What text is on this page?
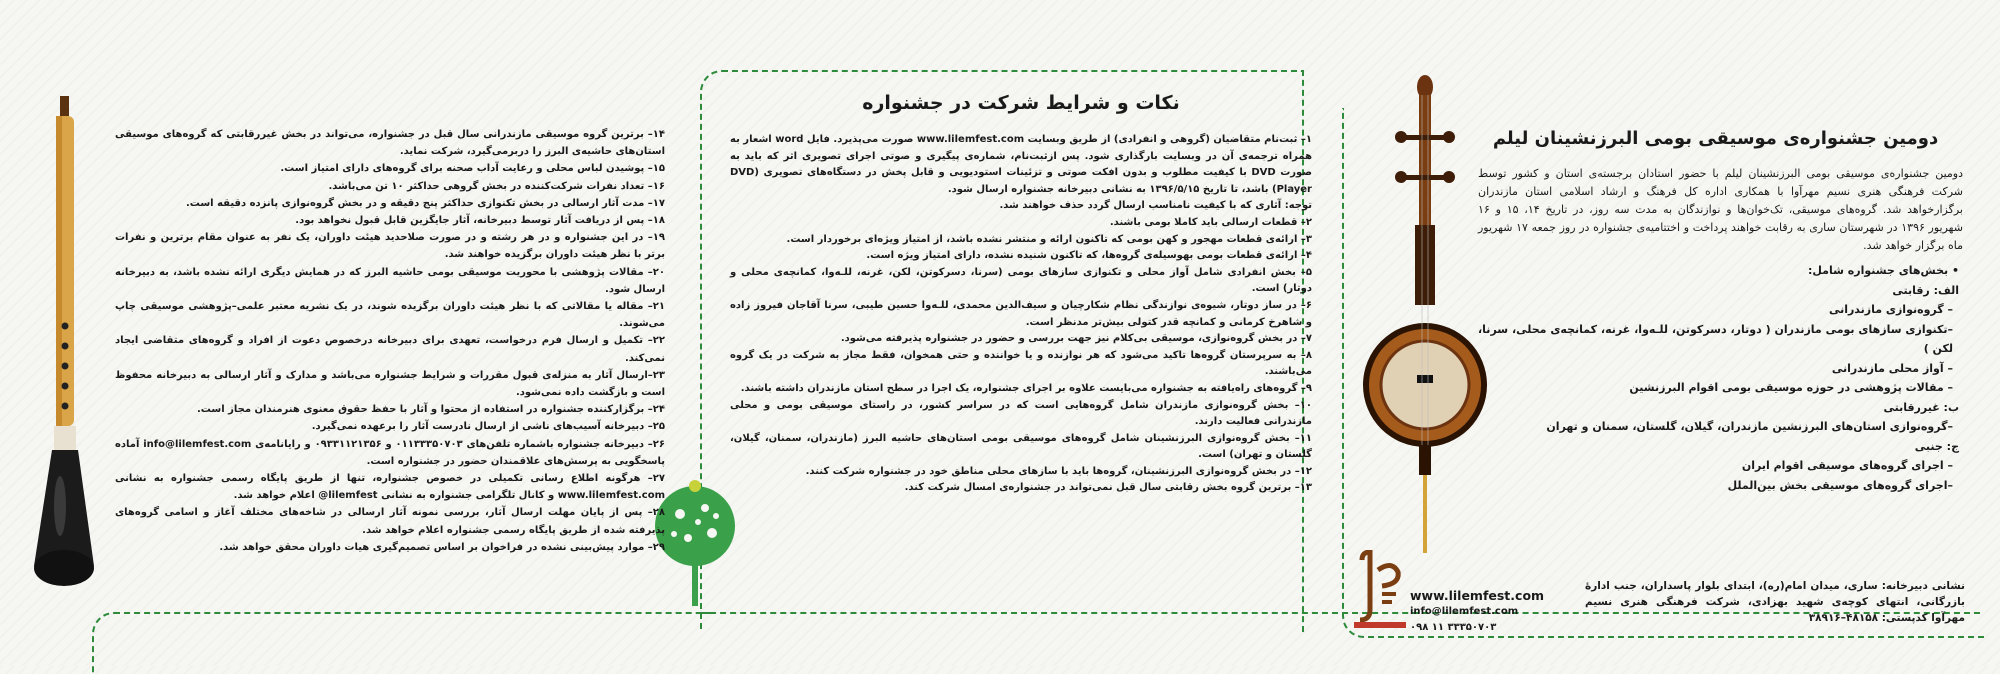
دومین جشنواره‌ی موسیقی بومی البرزنشینان لیلم

دومین جشنواره‌ی موسیقی بومی البرزنشینان لیلم با حضور استادان برجسته‌ی استان و کشور توسط شرکت فرهنگی هنری نسیم مهرآوا با همکاری اداره کل فرهنگ و ارشاد اسلامی استان مازندران برگزارخواهد شد. گروه‌های موسیقی، تک‌خوان‌ها و نوازندگان به مدت سه روز، در تاریخ ۱۴، ۱۵ و ۱۶ شهریور ۱۳۹۶ در شهرستان ساری به رقابت خواهند پرداخت و اختتامیه‌ی جشنواره در روز جمعه ۱۷ شهریور ماه برگزار خواهد شد.

• بخش‌های جشنواره شامل:

الف: رقابتی

– گروه‌نوازی مازندرانی

–تکنوازی سازهای بومی مازندران ( دوتار، دسرکوتن، للـه‌وا، غرنه، کمانچه‌ی محلی، سرنا، لکن )

– آواز محلی مازندرانی

– مقالات پژوهشی در حوزه موسیقی بومی اقوام البرزنشین

ب: غیررقابتی

–گروه‌نوازی استان‌های البرزنشین مازندران، گیلان، گلستان، سمنان و تهران

ج: جنبی

– اجرای گروه‌های موسیقی اقوام ایران

–اجرای گروه‌های موسیقی بخش بین‌الملل

نکات و شرایط شرکت در جشنواره

۱– ثبت‌نام متقاضیان (گروهی و انفرادی) از طریق وبسایت www.lilemfest.com صورت می‌پذیرد. فایل word اشعار به همراه ترجمه‌ی آن در وبسایت بارگذاری شود. پس ازثبت‌نام، شماره‌ی پیگیری و صوتی اجرای تصویری اثر که باید به صورت DVD با کیفیت مطلوب و بدون افکت صوتی و تزئینات استودیویی و قابل پخش در دستگاه‌های تصویری (DVD Player) باشد، تا تاریخ ۱۳۹۶/۵/۱۵ به نشانی دبیرخانه جشنواره ارسال شود.

توجه: آثاری که با کیفیت نامناسب ارسال گردد حذف خواهند شد.

۲– قطعات ارسالی باید کاملا بومی باشند.

۳– ارائه‌ی قطعات مهجور و کهن بومی که تاکنون ارائه و منتشر نشده باشد، از امتیاز ویژه‌ای برخوردار است.

۴– ارائه‌ی قطعات بومی بهوسیله‌ی گروه‌ها، که تاکنون شنیده نشده، دارای امتیاز ویژه است.

۵– بخش انفرادی شامل آواز محلی و تکنوازی سازهای بومی (سرنا، دسرکوتن، لکن، غرنه، للـه‌وا، کمانچه‌ی محلی و دوتار) است.

۶– در ساز دوتار، شیوه‌ی نوازندگی نظام شکارچیان و سیف‌الدین محمدی، للـه‌وا حسین طیبی، سرنا آقاجان فیروز زاده و شاهرخ کرمانی و کمانچه قدر کتولی بیش‌تر مدنظر است.

۷– در بخش گروه‌نوازی، موسیقی بی‌کلام نیز جهت بررسی و حضور در جشنواره پذیرفته می‌شود.

۸– به سرپرستان گروه‌ها تاکید می‌شود که هر نوازنده و یا خواننده و حتی همخوان، فقط مجاز به شرکت در یک گروه می‌باشند.

۹– گروه‌های راه‌یافته به جشنواره می‌بایست علاوه بر اجرای جشنواره، یک اجرا در سطح استان مازندران داشته باشند.

۱۰– بخش گروه‌نوازی مازندران شامل گروه‌هایی است که در سراسر کشور، در راستای موسیقی بومی و محلی مازندرانی فعالیت دارند.

۱۱– بخش گروه‌نوازی البرزنشینان شامل گروه‌های موسیقی بومی استان‌های حاشیه البرز (مازندران، سمنان، گیلان، گلستان و تهران) است.

۱۲– در بخش گروه‌نوازی البرزنشینان، گروه‌ها باید با سازهای محلی مناطق خود در جشنواره شرکت کنند.

۱۳– برترین گروه بخش رقابتی سال قبل نمی‌تواند در جشنواره‌ی امسال شرکت کند.

۱۴– برترین گروه موسیقی مازندرانی سال قبل در جشنواره، می‌تواند در بخش غیررقابتی که گروه‌های موسیقی استان‌های حاشیه‌ی البرز را دربرمی‌گیرد، شرکت نماید.

۱۵– پوشیدن لباس محلی و رعایت آداب صحنه برای گروه‌های دارای امتیاز است.

۱۶– تعداد نفرات شرکت‌کننده در بخش گروهی حداکثر ۱۰ تن می‌باشد.

۱۷– مدت آثار ارسالی در بخش تکنوازی حداکثر پنج دقیقه و در بخش گروه‌نوازی پانزده دقیقه است.

۱۸– پس از دریافت آثار توسط دبیرخانه، آثار جایگزین قابل قبول نخواهد بود.

۱۹– در این جشنواره و در هر رشته و در صورت صلاحدید هیئت داوران، یک نفر به عنوان مقام برترین و نفرات برتر با نظر هیئت داوران برگزیده خواهند شد.

۲۰– مقالات پژوهشی با محوریت موسیقی بومی حاشیه البرز که در همایش دیگری ارائه نشده باشد، به دبیرخانه ارسال شود.

۲۱– مقاله یا مقالاتی که با نظر هیئت داوران برگزیده شوند، در یک نشریه معتبر علمی–پژوهشی موسیقی چاپ می‌شوند.

۲۲– تکمیل و ارسال فرم درخواست، تعهدی برای دبیرخانه درخصوص دعوت از افراد و گروه‌های متقاضی ایجاد نمی‌کند.

۲۳–ارسال آثار به منزله‌ی قبول مقررات و شرایط جشنواره می‌باشد و مدارک و آثار ارسالی به دبیرخانه محفوظ است و بازگشت داده نمی‌شود.

۲۴– برگزارکننده جشنواره در استفاده از محتوا و آثار با حفظ حقوق معنوی هنرمندان مجاز است.

۲۵– دبیرخانه آسیب‌های ناشی از ارسال نادرست آثار را برعهده نمی‌گیرد.

۲۶– دبیرخانه جشنواره باشماره تلفن‌های ۰۱۱۳۳۳۵۰۷۰۳ و ۰۹۳۳۱۱۲۱۳۵۶ و رایانامه‌ی info@lilemfest.com آماده پاسخگویی به پرسش‌های علاقمندان حضور در جشنواره است.

۲۷– هرگونه اطلاع رسانی تکمیلی در خصوص جشنواره، تنها از طریق پایگاه رسمی جشنواره به نشانی www.lilemfest.com و کانال تلگرامی جشنواره به نشانی lilemfest@ اعلام خواهد شد.

۲۸– پس از پایان مهلت ارسال آثار، بررسی نمونه آثار ارسالی در شاخه‌های مختلف آغاز و اسامی گروه‌های پذیرفته شده از طریق پایگاه رسمی جشنواره اعلام خواهد شد.

۲۹– موارد پیش‌بینی نشده در فراخوان بر اساس تصمیم‌گیری هیات داوران محقق خواهد شد.

نشانی دبیرخانه: ساری، میدان امام(ره)، ابتدای بلوار پاسداران، جنب ادارهٔ بازرگانی، انتهای کوچه‌ی شهید بهزادی، شرکت فرهنگی هنری نسیم مهرآوا کدپستی: ۴۸۱۵۸–۳۸۹۱۶
www.lilemfest.com
info@lilemfest.com
۰۹۸ ۱۱ ۳۳۳۵۰۷۰۳
